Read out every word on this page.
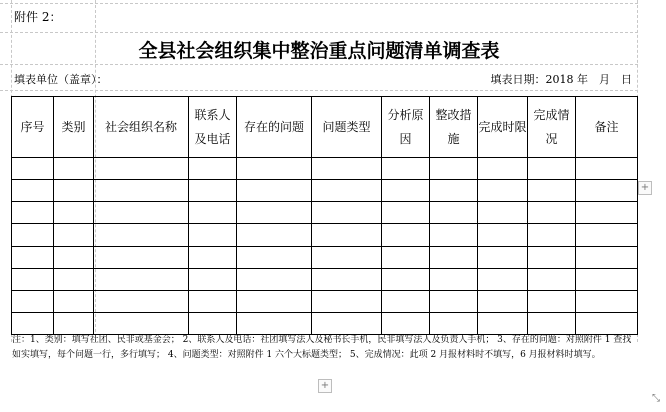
附件 2：
全县社会组织集中整治重点问题清单调查表
填表单位（盖章）：	填表日期：2018 年　月　日
序号	类别	社会组织名称	联系人及电话	存在的问题	问题类型	分析原因	整改措施	完成时限	完成情况	备注

注：1、类别：填写社团、民非或基金会； 2、联系人及电话：社团填写法人及秘书长手机，民非填写法人及负责人手机； 3、存在的问题：对照附件 1 查找如实填写，每个问题一行，多行填写； 4、问题类型：对照附件 1 六个大标题类型； 5、完成情况：此项 2 月报材料时不填写，6 月报材料时填写。
+
+
⤡
